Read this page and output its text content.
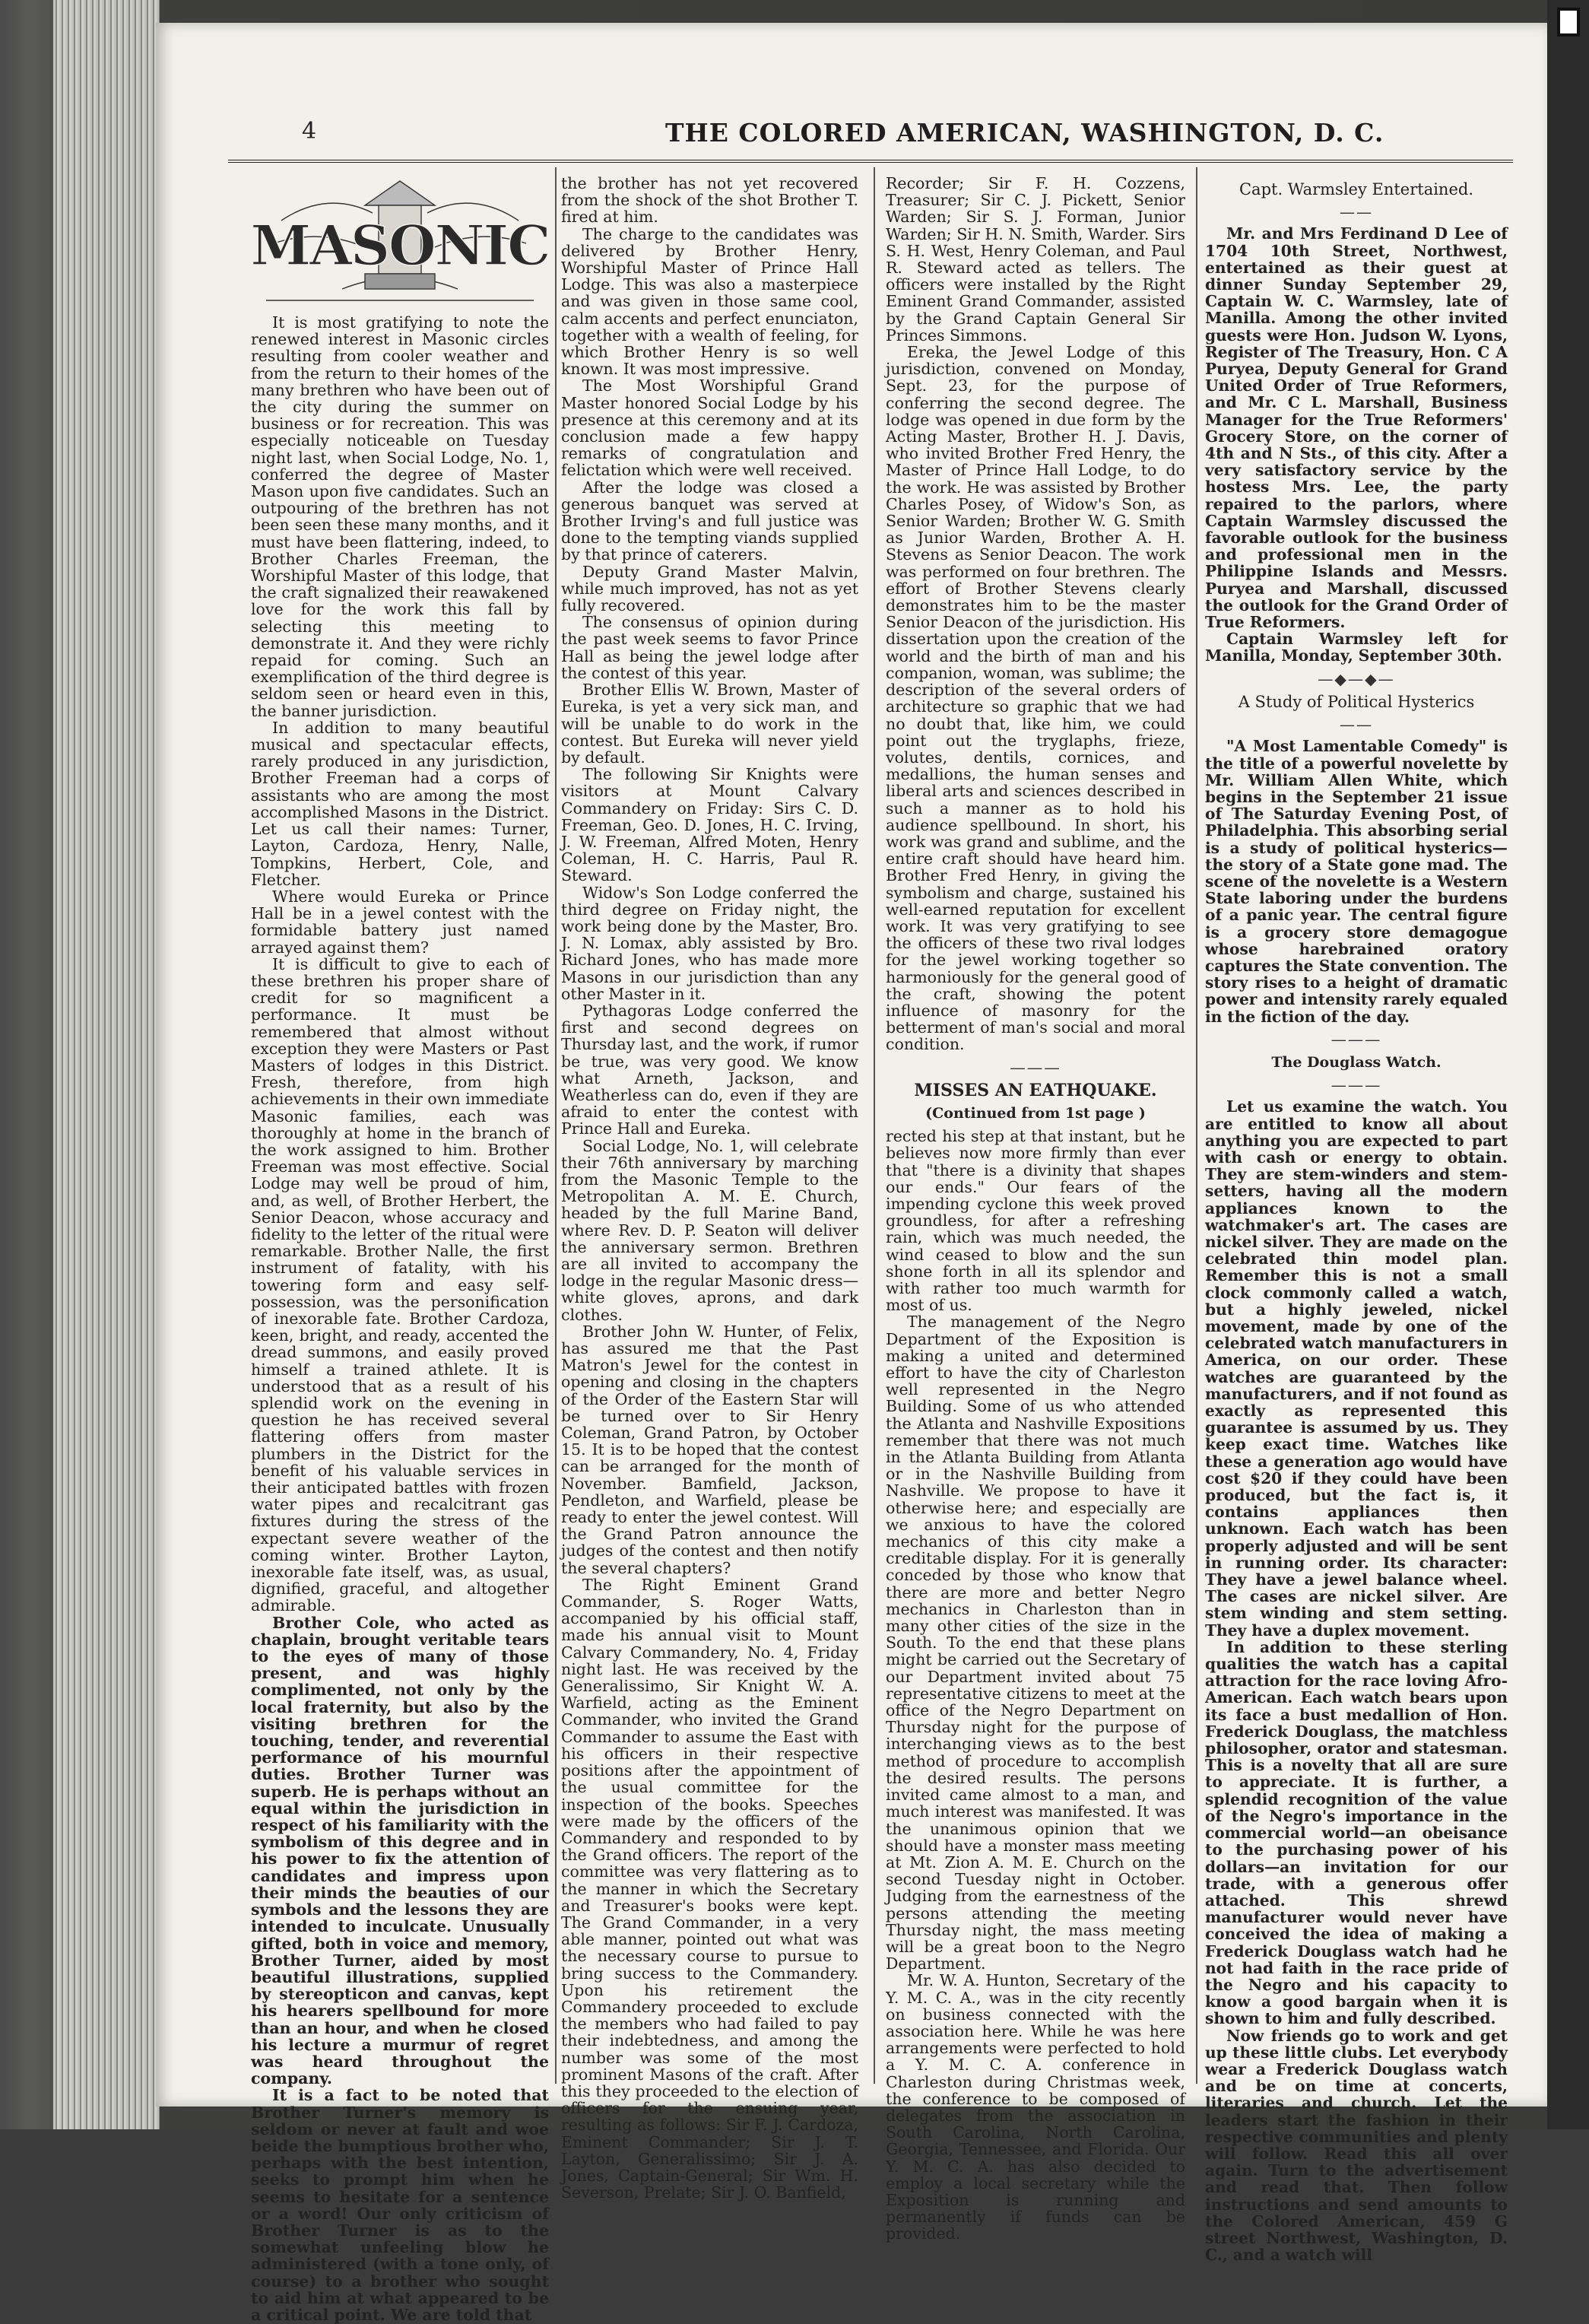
4	THE COLORED AMERICAN, WASHINGTON, D. C.
MASONIC

It is most gratifying to note the renewed interest in Masonic circles resulting from cooler weather and from the return to their homes of the many brethren who have been out of the city during the summer on business or for recreation. This was especially noticeable on Tuesday night last, when Social Lodge, No. 1, conferred the degree of Master Mason upon five candidates. Such an outpouring of the brethren has not been seen these many months, and it must have been flattering, indeed, to Brother Charles Freeman, the Worshipful Master of this lodge, that the craft signalized their reawakened love for the work this fall by selecting this meeting to demonstrate it. And they were richly repaid for coming. Such an exemplification of the third degree is seldom seen or heard even in this, the banner jurisdiction.

In addition to many beautiful musical and spectacular effects, rarely produced in any jurisdiction, Brother Freeman had a corps of assistants who are among the most accomplished Masons in the District. Let us call their names: Turner, Layton, Cardoza, Henry, Nalle, Tompkins, Herbert, Cole, and Fletcher.

Where would Eureka or Prince Hall be in a jewel contest with the formidable battery just named arrayed against them?

It is difficult to give to each of these brethren his proper share of credit for so magnificent a performance. It must be remembered that almost without exception they were Masters or Past Masters of lodges in this District. Fresh, therefore, from high achievements in their own immediate Masonic families, each was thoroughly at home in the branch of the work assigned to him. Brother Freeman was most effective. Social Lodge may well be proud of him, and, as well, of Brother Herbert, the Senior Deacon, whose accuracy and fidelity to the letter of the ritual were remarkable. Brother Nalle, the first instrument of fatality, with his towering form and easy self-possession, was the personification of inexorable fate. Brother Cardoza, keen, bright, and ready, accented the dread summons, and easily proved himself a trained athlete. It is understood that as a result of his splendid work on the evening in question he has received several flattering offers from master plumbers in the District for the benefit of his valuable services in their anticipated battles with frozen water pipes and recalcitrant gas fixtures during the stress of the expectant severe weather of the coming winter. Brother Layton, inexorable fate itself, was, as usual, dignified, graceful, and altogether admirable.

Brother Cole, who acted as chaplain, brought veritable tears to the eyes of many of those present, and was highly complimented, not only by the local fraternity, but also by the visiting brethren for the touching, tender, and reverential performance of his mournful duties. Brother Turner was superb. He is perhaps without an equal within the jurisdiction in respect of his familiarity with the symbolism of this degree and in his power to fix the attention of candidates and impress upon their minds the beauties of our symbols and the lessons they are intended to inculcate. Unusually gifted, both in voice and memory, Brother Turner, aided by most beautiful illustrations, supplied by stereopticon and canvas, kept his hearers spellbound for more than an hour, and when he closed his lecture a murmur of regret was heard throughout the company.

It is a fact to be noted that Brother Turner's memory is seldom or never at fault and woe beide the bumptious brother who, perhaps with the best intention, seeks to prompt him when he seems to hesitate for a sentence or a word! Our only criticism of Brother Turner is as to the somewhat unfeeling blow he administered (with a tone only, of course) to a brother who sought to aid him at what appeared to be a critical point. We are told that

the brother has not yet recovered from the shock of the shot Brother T. fired at him.

The charge to the candidates was delivered by Brother Henry, Worshipful Master of Prince Hall Lodge. This was also a masterpiece and was given in those same cool, calm accents and perfect enunciaton, together with a wealth of feeling, for which Brother Henry is so well known. It was most impressive.

The Most Worshipful Grand Master honored Social Lodge by his presence at this ceremony and at its conclusion made a few happy remarks of congratulation and felictation which were well received.

After the lodge was closed a generous banquet was served at Brother Irving's and full justice was done to the tempting viands supplied by that prince of caterers.

Deputy Grand Master Malvin, while much improved, has not as yet fully recovered.

The consensus of opinion during the past week seems to favor Prince Hall as being the jewel lodge after the contest of this year.

Brother Ellis W. Brown, Master of Eureka, is yet a very sick man, and will be unable to do work in the contest. But Eureka will never yield by default.

The following Sir Knights were visitors at Mount Calvary Commandery on Friday: Sirs C. D. Freeman, Geo. D. Jones, H. C. Irving, J. W. Freeman, Alfred Moten, Henry Coleman, H. C. Harris, Paul R. Steward.

Widow's Son Lodge conferred the third degree on Friday night, the work being done by the Master, Bro. J. N. Lomax, ably assisted by Bro. Richard Jones, who has made more Masons in our jurisdiction than any other Master in it.

Pythagoras Lodge conferred the first and second degrees on Thursday last, and the work, if rumor be true, was very good. We know what Arneth, Jackson, and Weatherless can do, even if they are afraid to enter the contest with Prince Hall and Eureka.

Social Lodge, No. 1, will celebrate their 76th anniversary by marching from the Masonic Temple to the Metropolitan A. M. E. Church, headed by the full Marine Band, where Rev. D. P. Seaton will deliver the anniversary sermon. Brethren are all invited to accompany the lodge in the regular Masonic dress—white gloves, aprons, and dark clothes.

Brother John W. Hunter, of Felix, has assured me that the Past Matron's Jewel for the contest in opening and closing in the chapters of the Order of the Eastern Star will be turned over to Sir Henry Coleman, Grand Patron, by October 15. It is to be hoped that the contest can be arranged for the month of November. Bamfield, Jackson, Pendleton, and Warfield, please be ready to enter the jewel contest. Will the Grand Patron announce the judges of the contest and then notify the several chapters?

The Right Eminent Grand Commander, S. Roger Watts, accompanied by his official staff, made his annual visit to Mount Calvary Commandery, No. 4, Friday night last. He was received by the Generalissimo, Sir Knight W. A. Warfield, acting as the Eminent Commander, who invited the Grand Commander to assume the East with his officers in their respective positions after the appointment of the usual committee for the inspection of the books. Speeches were made by the officers of the Commandery and responded to by the Grand officers. The report of the committee was very flattering as to the manner in which the Secretary and Treasurer's books were kept. The Grand Commander, in a very able manner, pointed out what was the necessary course to pursue to bring success to the Commandery. Upon his retirement the Commandery proceeded to exclude the members who had failed to pay their indebtedness, and among the number was some of the most prominent Masons of the craft. After this they proceeded to the election of officers for the ensuing year, resulting as follows: Sir F. J. Cardoza, Eminent Commander; Sir J. T. Layton, Generalissimo; Sir J. A. Jones, Captain-General; Sir Wm. H. Severson, Prelate; Sir J. O. Banfield,

Recorder; Sir F. H. Cozzens, Treasurer; Sir C. J. Pickett, Senior Warden; Sir S. J. Forman, Junior Warden; Sir H. N. Smith, Warder. Sirs S. H. West, Henry Coleman, and Paul R. Steward acted as tellers. The officers were installed by the Right Eminent Grand Commander, assisted by the Grand Captain General Sir Princes Simmons.

Ereka, the Jewel Lodge of this jurisdiction, convened on Monday, Sept. 23, for the purpose of conferring the second degree. The lodge was opened in due form by the Acting Master, Brother H. J. Davis, who invited Brother Fred Henry, the Master of Prince Hall Lodge, to do the work. He was assisted by Brother Charles Posey, of Widow's Son, as Senior Warden; Brother W. G. Smith as Junior Warden, Brother A. H. Stevens as Senior Deacon. The work was performed on four brethren. The effort of Brother Stevens clearly demonstrates him to be the master Senior Deacon of the jurisdiction. His dissertation upon the creation of the world and the birth of man and his companion, woman, was sublime; the description of the several orders of architecture so graphic that we had no doubt that, like him, we could point out the tryglaphs, frieze, volutes, dentils, cornices, and medallions, the human senses and liberal arts and sciences described in such a manner as to hold his audience spellbound. In short, his work was grand and sublime, and the entire craft should have heard him. Brother Fred Henry, in giving the symbolism and charge, sustained his well-earned reputation for excellent work. It was very gratifying to see the officers of these two rival lodges for the jewel working together so harmoniously for the general good of the craft, showing the potent influence of masonry for the betterment of man's social and moral condition.

———

MISSES AN EATHQUAKE.

(Continued from 1st page )

rected his step at that instant, but he believes now more firmly than ever that "there is a divinity that shapes our ends." Our fears of the impending cyclone this week proved groundless, for after a refreshing rain, which was much needed, the wind ceased to blow and the sun shone forth in all its splendor and with rather too much warmth for most of us.

The management of the Negro Department of the Exposition is making a united and determined effort to have the city of Charleston well represented in the Negro Building. Some of us who attended the Atlanta and Nashville Expositions remember that there was not much in the Atlanta Building from Atlanta or in the Nashville Building from Nashville. We propose to have it otherwise here; and especially are we anxious to have the colored mechanics of this city make a creditable display. For it is generally conceded by those who know that there are more and better Negro mechanics in Charleston than in many other cities of the size in the South. To the end that these plans might be carried out the Secretary of our Department invited about 75 representative citizens to meet at the office of the Negro Department on Thursday night for the purpose of interchanging views as to the best method of procedure to accomplish the desired results. The persons invited came almost to a man, and much interest was manifested. It was the unanimous opinion that we should have a monster mass meeting at Mt. Zion A. M. E. Church on the second Tuesday night in October. Judging from the earnestness of the persons attending the meeting Thursday night, the mass meeting will be a great boon to the Negro Department.

Mr. W. A. Hunton, Secretary of the Y. M. C. A., was in the city recently on business connected with the association here. While he was here arrangements were perfected to hold a Y. M. C. A. conference in Charleston during Christmas week, the conference to be composed of delegates from the association in South Carolina, North Carolina, Georgia, Tennessee, and Florida. Our Y. M. C. A. has also decided to employ a local secretary while the Exposition is running and permanently if funds can be provided.

Capt. Warmsley Entertained.

——

Mr. and Mrs Ferdinand D Lee of 1704 10th Street, Northwest, entertained as their guest at dinner Sunday September 29, Captain W. C. Warmsley, late of Manilla. Among the other invited guests were Hon. Judson W. Lyons, Register of The Treasury, Hon. C A Puryea, Deputy General for Grand United Order of True Reformers, and Mr. C L. Marshall, Business Manager for the True Reformers' Grocery Store, on the corner of 4th and N Sts., of this city. After a very satisfactory service by the hostess Mrs. Lee, the party repaired to the parlors, where Captain Warmsley discussed the favorable outlook for the business and professional men in the Philippine Islands and Messrs. Puryea and Marshall, discussed the outlook for the Grand Order of True Reformers.

Captain Warmsley left for Manilla, Monday, September 30th.

—◆—◆—

A Study of Political Hysterics

——

"A Most Lamentable Comedy" is the title of a powerful novelette by Mr. William Allen White, which begins in the September 21 issue of The Saturday Evening Post, of Philadelphia. This absorbing serial is a study of political hysterics—the story of a State gone mad. The scene of the novelette is a Western State laboring under the burdens of a panic year. The central figure is a grocery store demagogue whose harebrained oratory captures the State convention. The story rises to a height of dramatic power and intensity rarely equaled in the fiction of the day.

———

The Douglass Watch.

———

Let us examine the watch. You are entitled to know all about anything you are expected to part with cash or energy to obtain. They are stem-winders and stem-setters, having all the modern appliances known to the watchmaker's art. The cases are nickel silver. They are made on the celebrated thin model plan. Remember this is not a small clock commonly called a watch, but a highly jeweled, nickel movement, made by one of the celebrated watch manufacturers in America, on our order. These watches are guaranteed by the manufacturers, and if not found as exactly as represented this guarantee is assumed by us. They keep exact time. Watches like these a generation ago would have cost $20 if they could have been produced, but the fact is, it contains appliances then unknown. Each watch has been properly adjusted and will be sent in running order. Its character: They have a jewel balance wheel. The cases are nickel silver. Are stem winding and stem setting. They have a duplex movement.

In addition to these sterling qualities the watch has a capital attraction for the race loving Afro-American. Each watch bears upon its face a bust medallion of Hon. Frederick Douglass, the matchless philosopher, orator and statesman. This is a novelty that all are sure to appreciate. It is further, a splendid recognition of the value of the Negro's importance in the commercial world—an obeisance to the purchasing power of his dollars—an invitation for our trade, with a generous offer attached. This shrewd manufacturer would never have conceived the idea of making a Frederick Douglass watch had he not had faith in the race pride of the Negro and his capacity to know a good bargain when it is shown to him and fully described.

Now friends go to work and get up these little clubs. Let everybody wear a Frederick Douglass watch and be on time at concerts, literaries and church. Let the leaders start the fashion in their respective communities and plenty will follow. Read this all over again. Turn to the advertisement and read that. Then follow instructions and send amounts to the Colored American, 459 G street Northwest, Washington, D. C., and a watch will
